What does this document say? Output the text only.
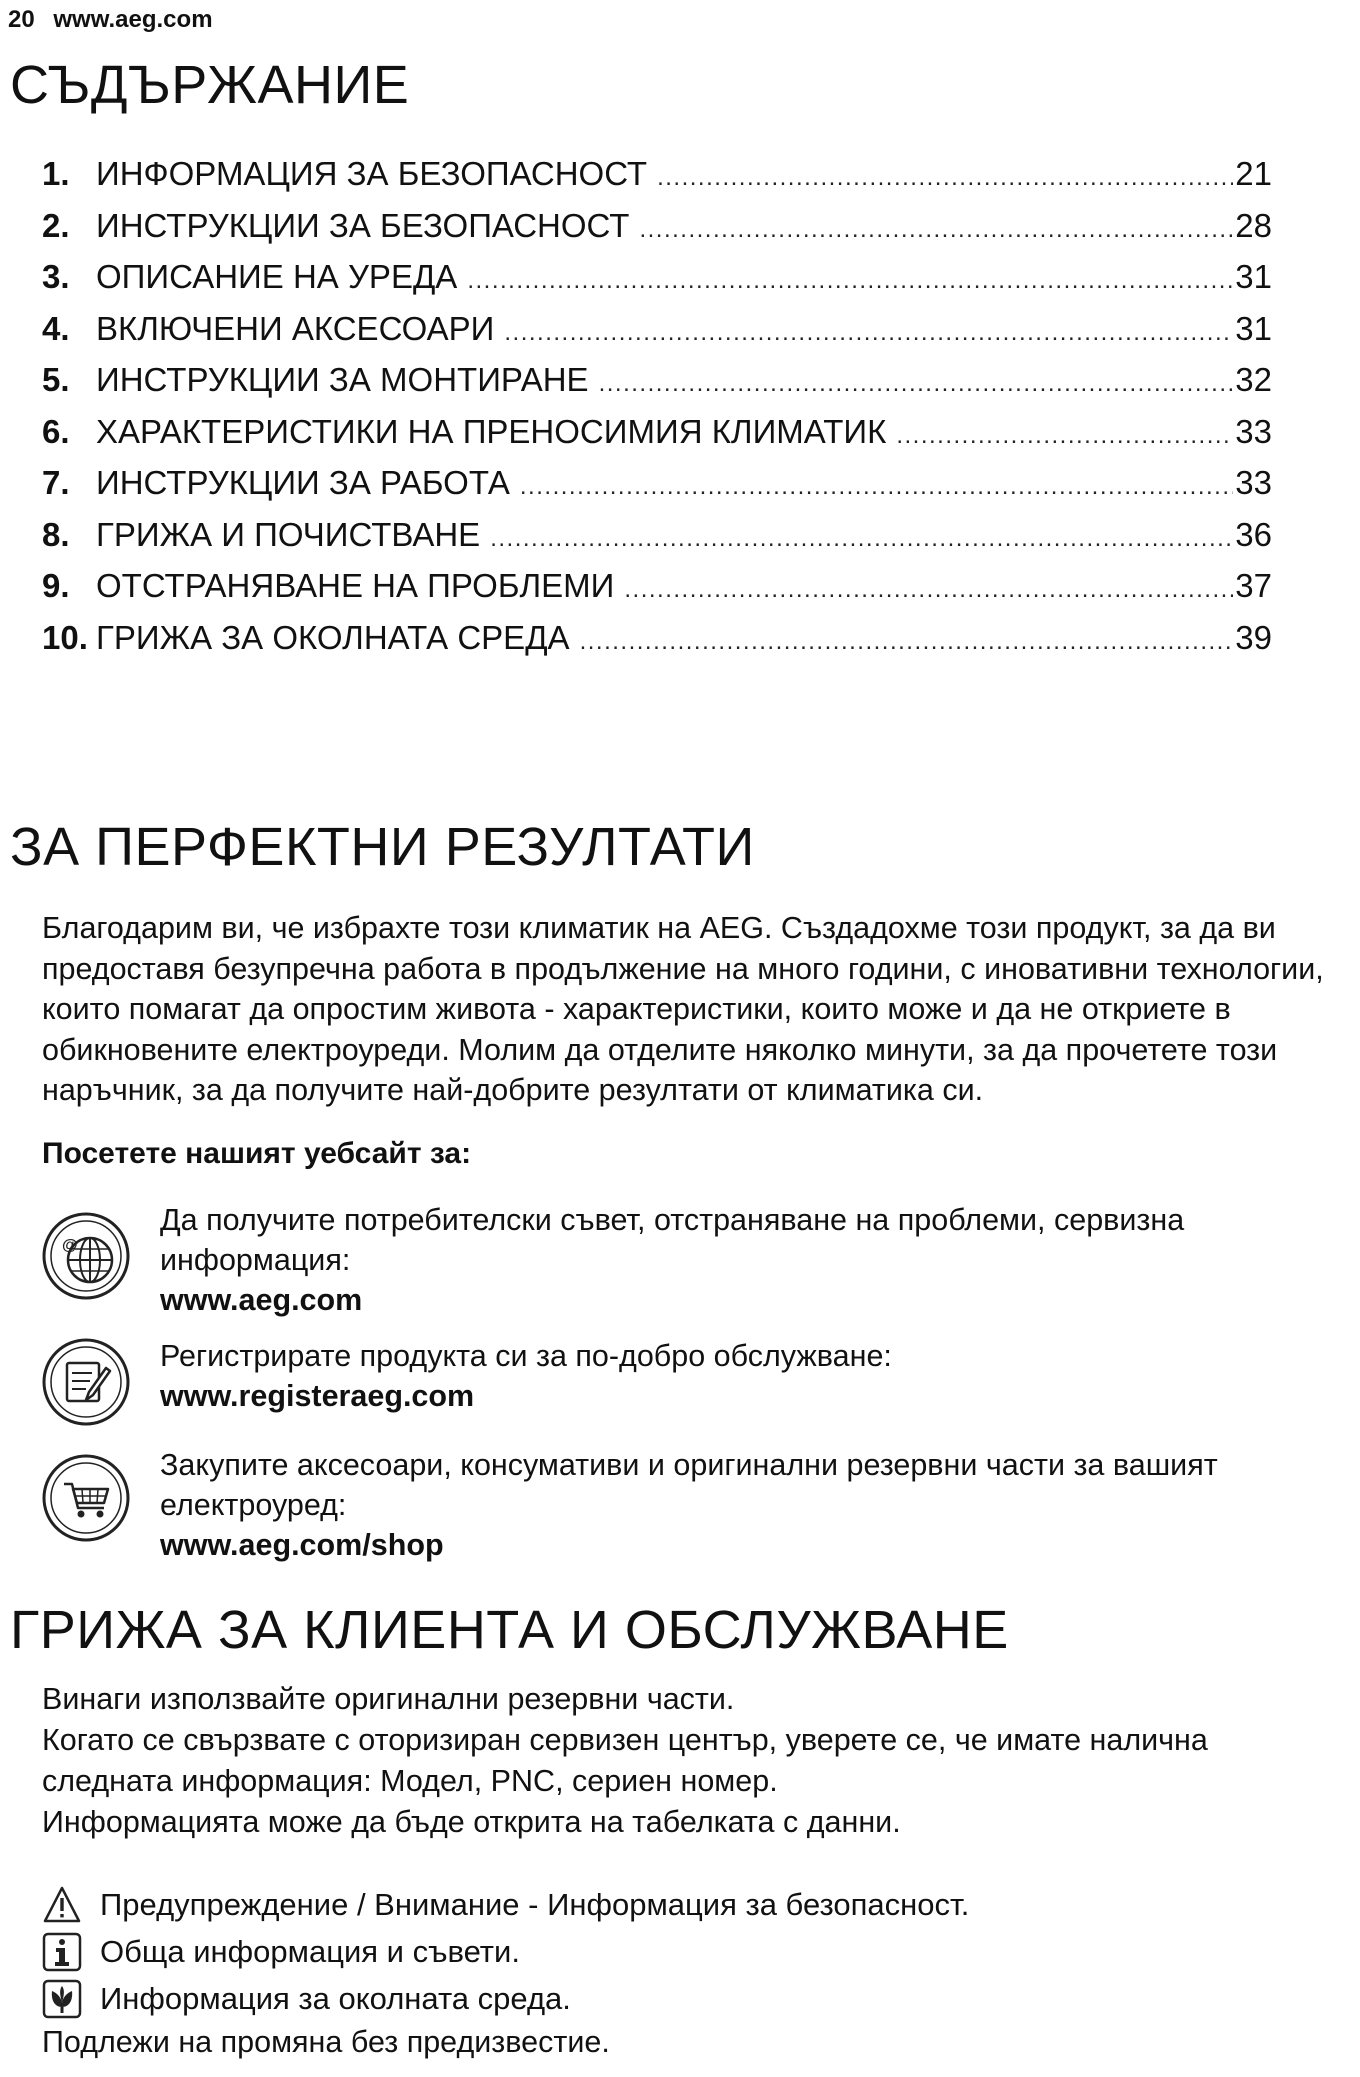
20 www.aeg.com
СЪДЪРЖАНИЕ
1. ИНФОРМАЦИЯ ЗА БЕЗОПАСНОСТ .....	21
2. ИНСТРУКЦИИ ЗА БЕЗОПАСНОСТ .....	28
3. ОПИСАНИЕ НА УРЕДА .....	31
4. ВКЛЮЧЕНИ АКСЕСОАРИ .....	31
5. ИНСТРУКЦИИ ЗА МОНТИРАНЕ .....	32
6. ХАРАКТЕРИСТИКИ НА ПРЕНОСИМИЯ КЛИМАТИК .....	33
7. ИНСТРУКЦИИ ЗА РАБОТА .....	33
8. ГРИЖА И ПОЧИСТВАНЕ .....	36
9. ОТСТРАНЯВАНЕ НА ПРОБЛЕМИ .....	37
10. ГРИЖА ЗА ОКОЛНАТА СРЕДА .....	39
ЗА ПЕРФЕКТНИ РЕЗУЛТАТИ

Благодарим ви, че избрахте този климатик на AEG. Създадохме този продукт, за да ви предоставя безупречна работа в продължение на много години, с иновативни технологии, които помагат да опростим живота - характеристики, които може и да не откриете в обикновените електроуреди. Молим да отделите няколко минути, за да прочетете този наръчник, за да получите най-добрите резултати от климатика си.

Посетете нашият уебсайт за:
@
Да получите потребителски съвет, отстраняване на проблеми, сервизна информация:
www.aeg.com
Регистрирате продукта си за по-добро обслужване:
www.registeraeg.com
Закупите аксесоари, консумативи и оригинални резервни части за вашият електроуред:
www.aeg.com/shop
ГРИЖА ЗА КЛИЕНТА И ОБСЛУЖВАНЕ
Винаги използвайте оригинални резервни части.
Когато се свързвате с оторизиран сервизен център, уверете се, че имате налична
следната информация: Модел, PNC, сериен номер.
Информацията може да бъде открита на табелката с данни.
Предупреждение / Внимание - Информация за безопасност.
Обща информация и съвети.
Информация за околната среда.
Подлежи на промяна без предизвестие.
